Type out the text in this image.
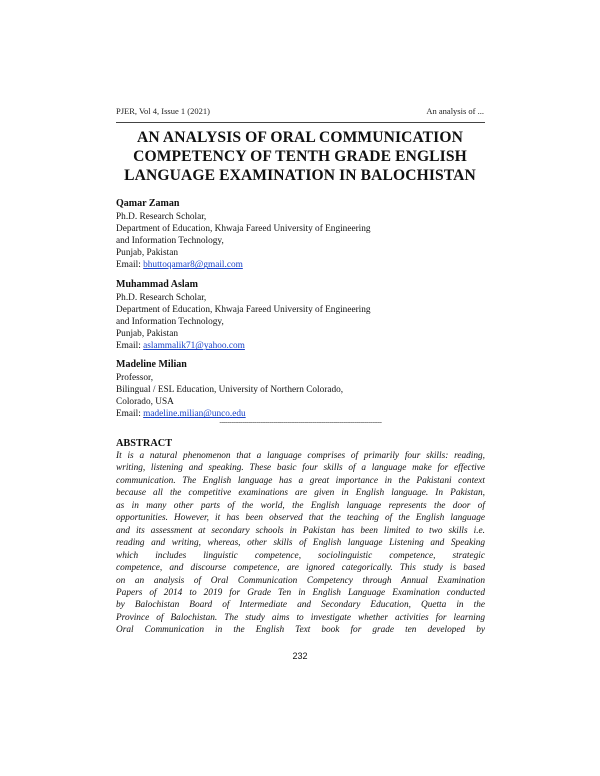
PJER, Vol 4, Issue 1 (2021)	An analysis of ...
AN ANALYSIS OF ORAL COMMUNICATION
COMPETENCY OF TENTH GRADE ENGLISH
LANGUAGE EXAMINATION IN BALOCHISTAN
Qamar Zaman
Ph.D. Research Scholar,
Department of Education, Khwaja Fareed University of Engineering
and Information Technology,
Punjab, Pakistan
Email: bhuttoqamar8@gmail.com
Muhammad Aslam
Ph.D. Research Scholar,
Department of Education, Khwaja Fareed University of Engineering
and Information Technology,
Punjab, Pakistan
Email: aslammalik71@yahoo.com
Madeline Milian
Professor,
Bilingual / ESL Education, University of Northern Colorado,
Colorado, USA
Email: madeline.milian@unco.edu
------------------------------------------------------------------------------------
ABSTRACT
It is a natural phenomenon that a language comprises of primarily four skills: reading,
writing, listening and speaking. These basic four skills of a language make for effective
communication. The English language has a great importance in the Pakistani context
because all the competitive examinations are given in English language. In Pakistan,
as in many other parts of the world, the English language represents the door of
opportunities. However, it has been observed that the teaching of the English language
and its assessment at secondary schools in Pakistan has been limited to two skills i.e.
reading and writing, whereas, other skills of English language Listening and Speaking
which includes linguistic competence, sociolinguistic competence, strategic
competence, and discourse competence, are ignored categorically. This study is based
on an analysis of Oral Communication Competency through Annual Examination
Papers of 2014 to 2019 for Grade Ten in English Language Examination conducted
by Balochistan Board of Intermediate and Secondary Education, Quetta in the
Province of Balochistan. The study aims to investigate whether activities for learning
Oral Communication in the English Text book for grade ten developed by
232
